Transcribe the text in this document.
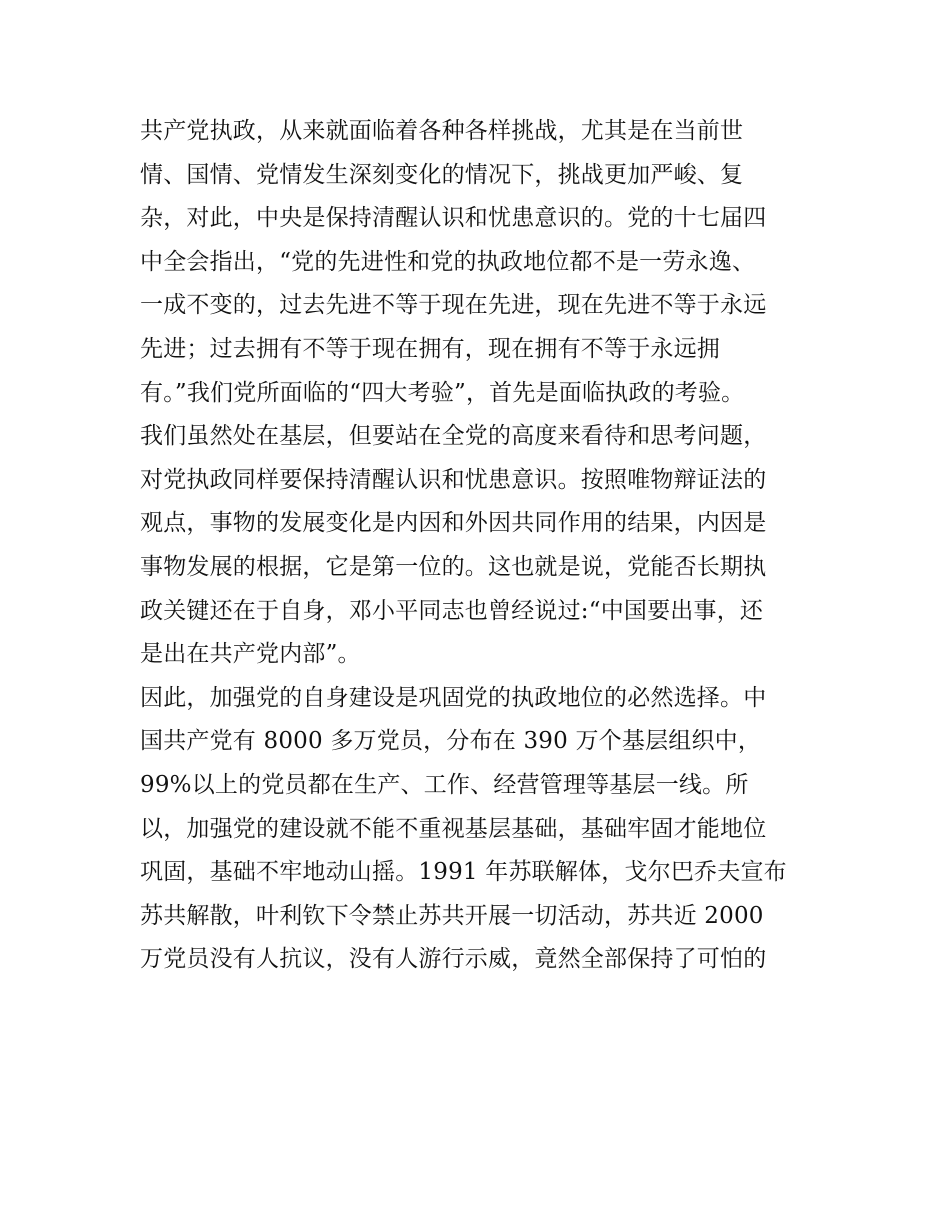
共产党执政，从来就面临着各种各样挑战，尤其是在当前世
情、国情、党情发生深刻变化的情况下，挑战更加严峻、复
杂，对此，中央是保持清醒认识和忧患意识的。党的十七届四
中全会指出，“党的先进性和党的执政地位都不是一劳永逸、
一成不变的，过去先进不等于现在先进，现在先进不等于永远
先进；过去拥有不等于现在拥有，现在拥有不等于永远拥
有。”我们党所面临的“四大考验”，首先是面临执政的考验。
我们虽然处在基层，但要站在全党的高度来看待和思考问题，
对党执政同样要保持清醒认识和忧患意识。按照唯物辩证法的
观点，事物的发展变化是内因和外因共同作用的结果，内因是
事物发展的根据，它是第一位的。这也就是说，党能否长期执
政关键还在于自身，邓小平同志也曾经说过:“中国要出事，还
是出在共产党内部”。
因此，加强党的自身建设是巩固党的执政地位的必然选择。中
国共产党有 8000 多万党员，分布在 390 万个基层组织中，
99%以上的党员都在生产、工作、经营管理等基层一线。所
以，加强党的建设就不能不重视基层基础，基础牢固才能地位
巩固，基础不牢地动山摇。1991 年苏联解体，戈尔巴乔夫宣布
苏共解散，叶利钦下令禁止苏共开展一切活动，苏共近 2000
万党员没有人抗议，没有人游行示威，竟然全部保持了可怕的
